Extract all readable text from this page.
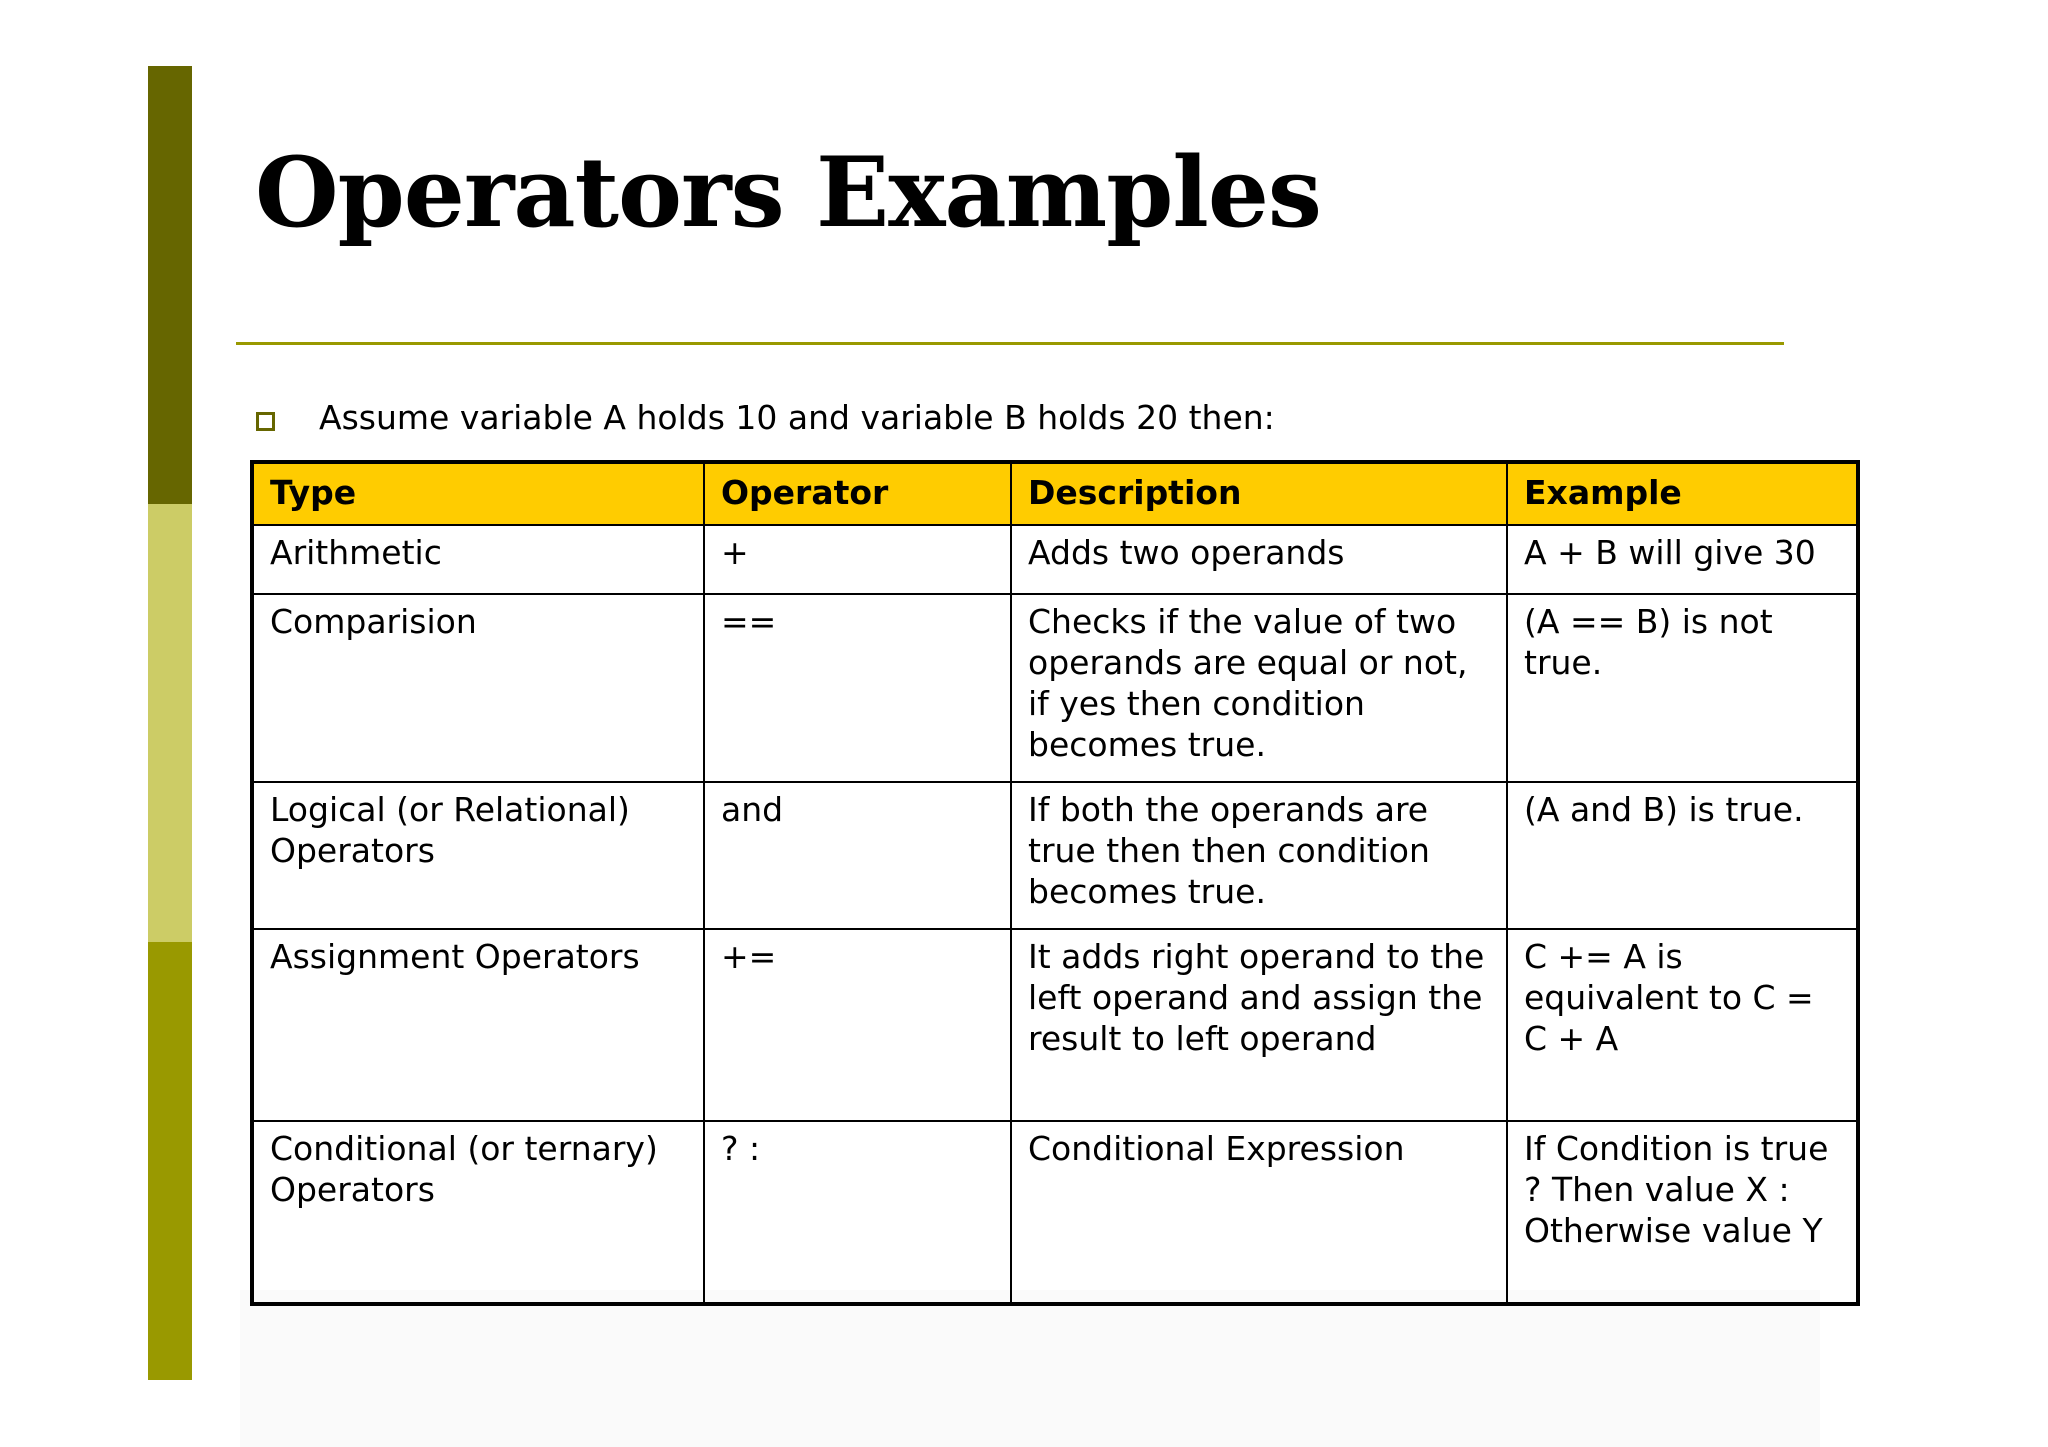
Operators Examples
Assume variable A holds 10 and variable B holds 20 then:
Type	Operator	Description	Example
Arithmetic	+	Adds two operands	A + B will give 30
Comparision	==	Checks if the value of two operands are equal or not, if yes then condition becomes true.	(A == B) is not true.
Logical (or Relational) Operators	and	If both the operands are true then then condition becomes true.	(A and B) is true.
Assignment Operators	+=	It adds right operand to the left operand and assign the result to left operand	C += A is equivalent to C = C + A
Conditional (or ternary) Operators	? :	Conditional Expression	If Condition is true ? Then value X : Otherwise value Y
